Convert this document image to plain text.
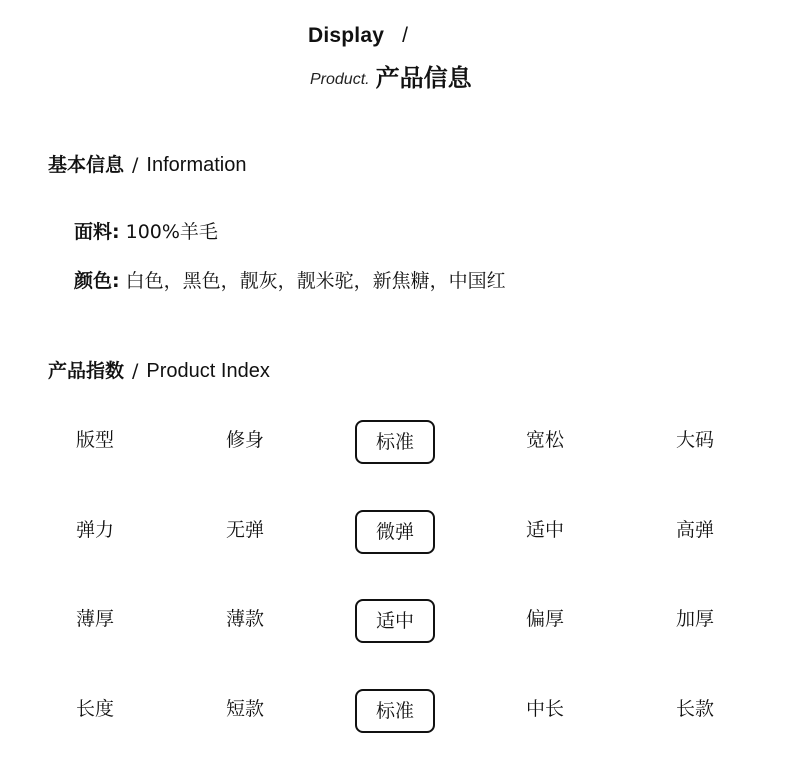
Display /
Product. 产品信息
基本信息 / Information
面料: 100%羊毛
颜色: 白色，黑色，靓灰，靓米驼，新焦糖，中国红
产品指数 / Product Index
版型	修身	标准	宽松	大码
弹力	无弹	微弹	适中	高弹
薄厚	薄款	适中	偏厚	加厚
长度	短款	标准	中长	长款
